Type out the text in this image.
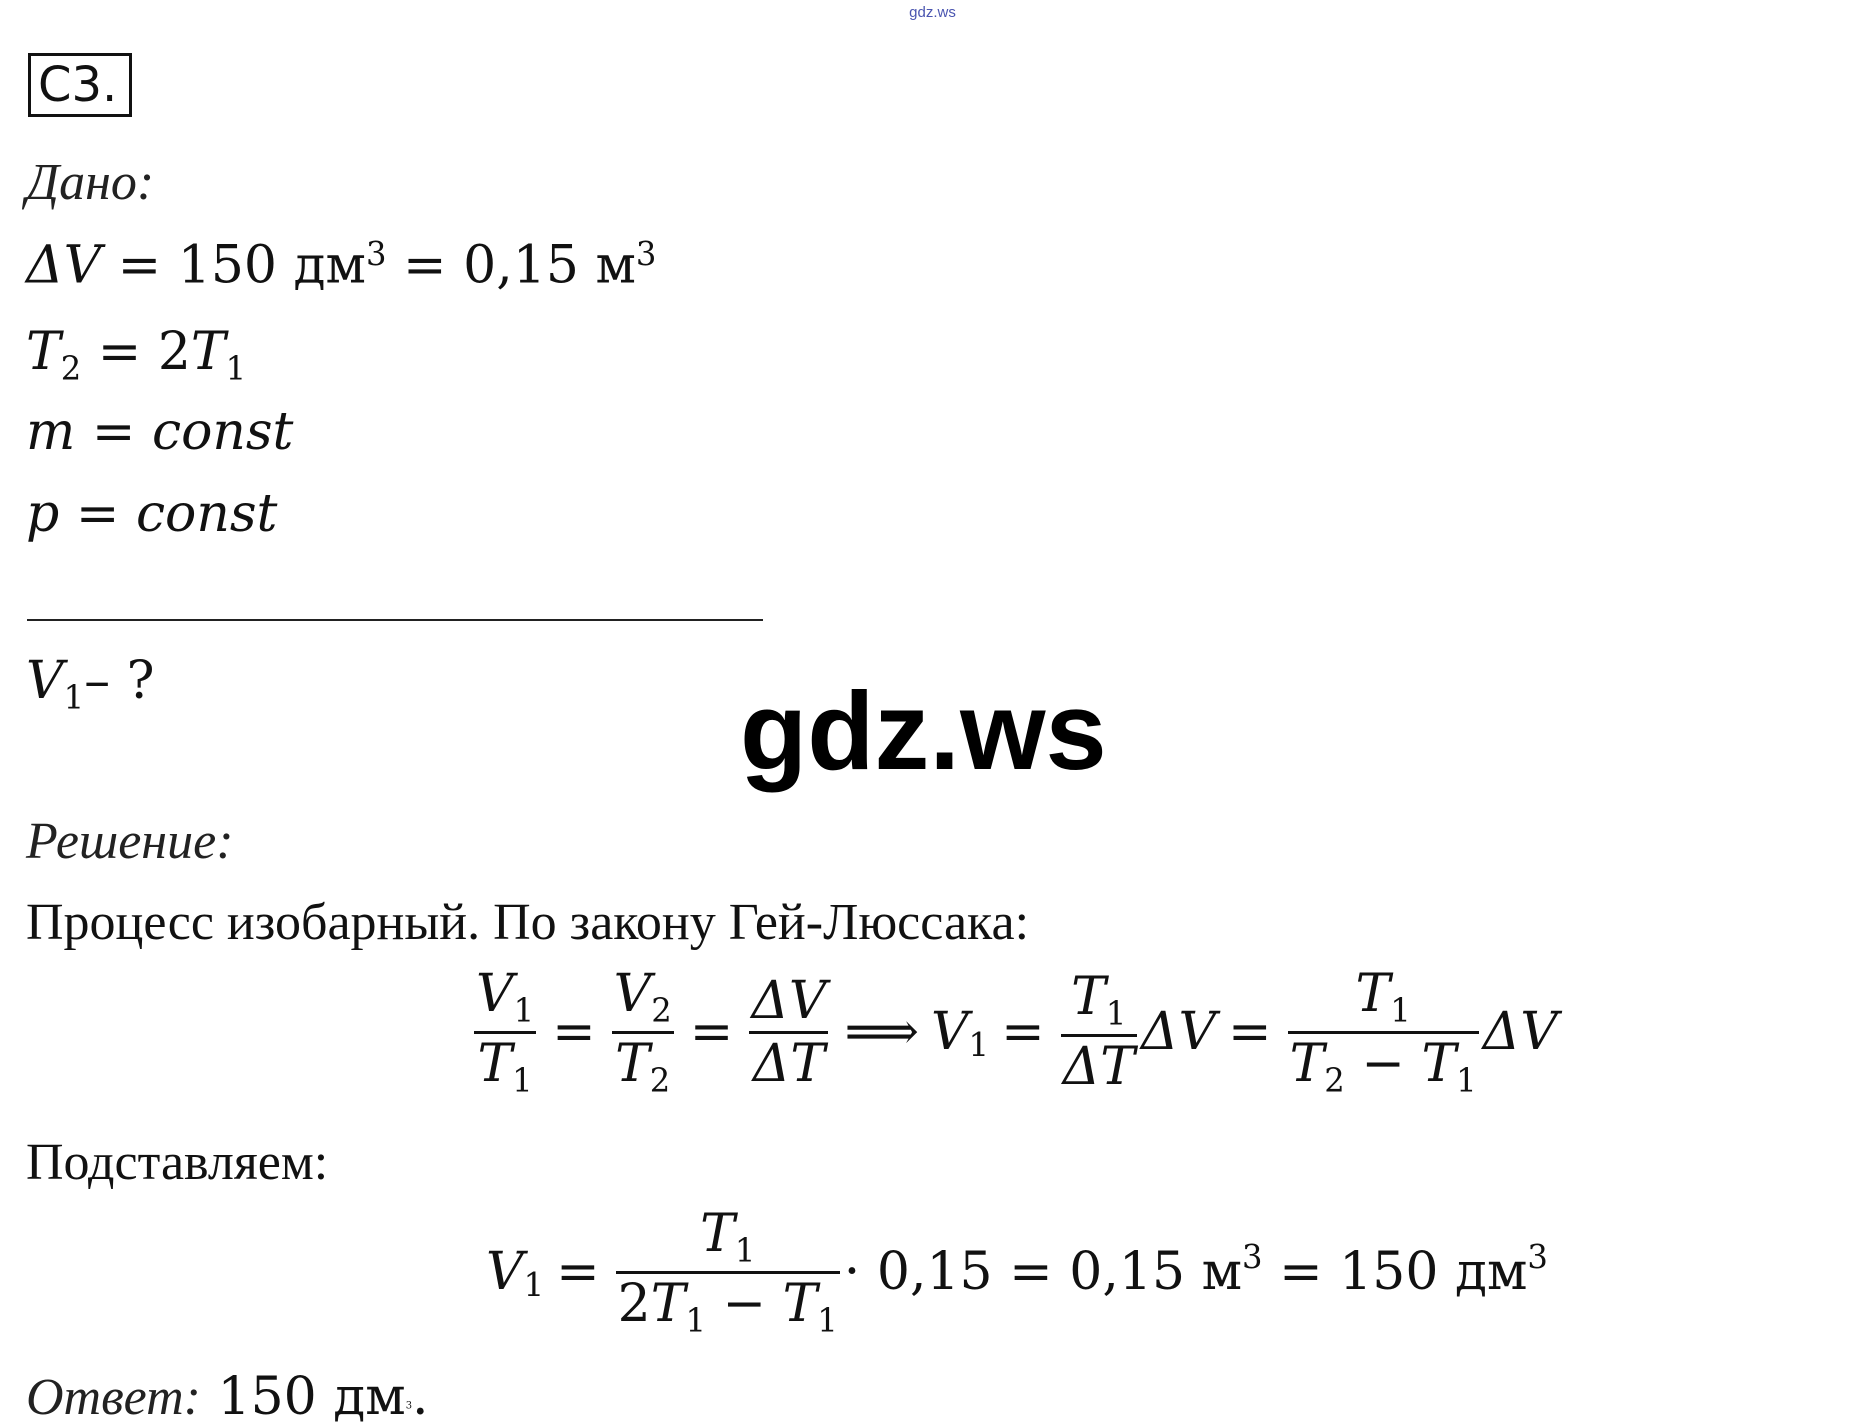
gdz.ws
С3.
Дано:
ΔV = 150 $дм^3 = 0,15$ $м^3$
$T_2 = 2T_1$
m = const
p = const
$V_1-$ ?	gdz.ws
Решение:
Процесс изобарный. По закону Гей-Люссака:
$\frac{V_1}{T_1} = \frac{V_2}{T_2} = \frac{\Delta V}{\Delta T}$ ⟹ $V_1 = \frac{T_1}{\Delta T}$ $\Delta V = \frac{T_1}{T_2 - T_1}$ ΔV
Подставляем:
$V_1 = \frac{T_1}{2T_1 - T_1} \cdot 0,15 = 0,15$ $м^3 = 150$ $дм^3$
Ответ: 150 $дм^3$.
